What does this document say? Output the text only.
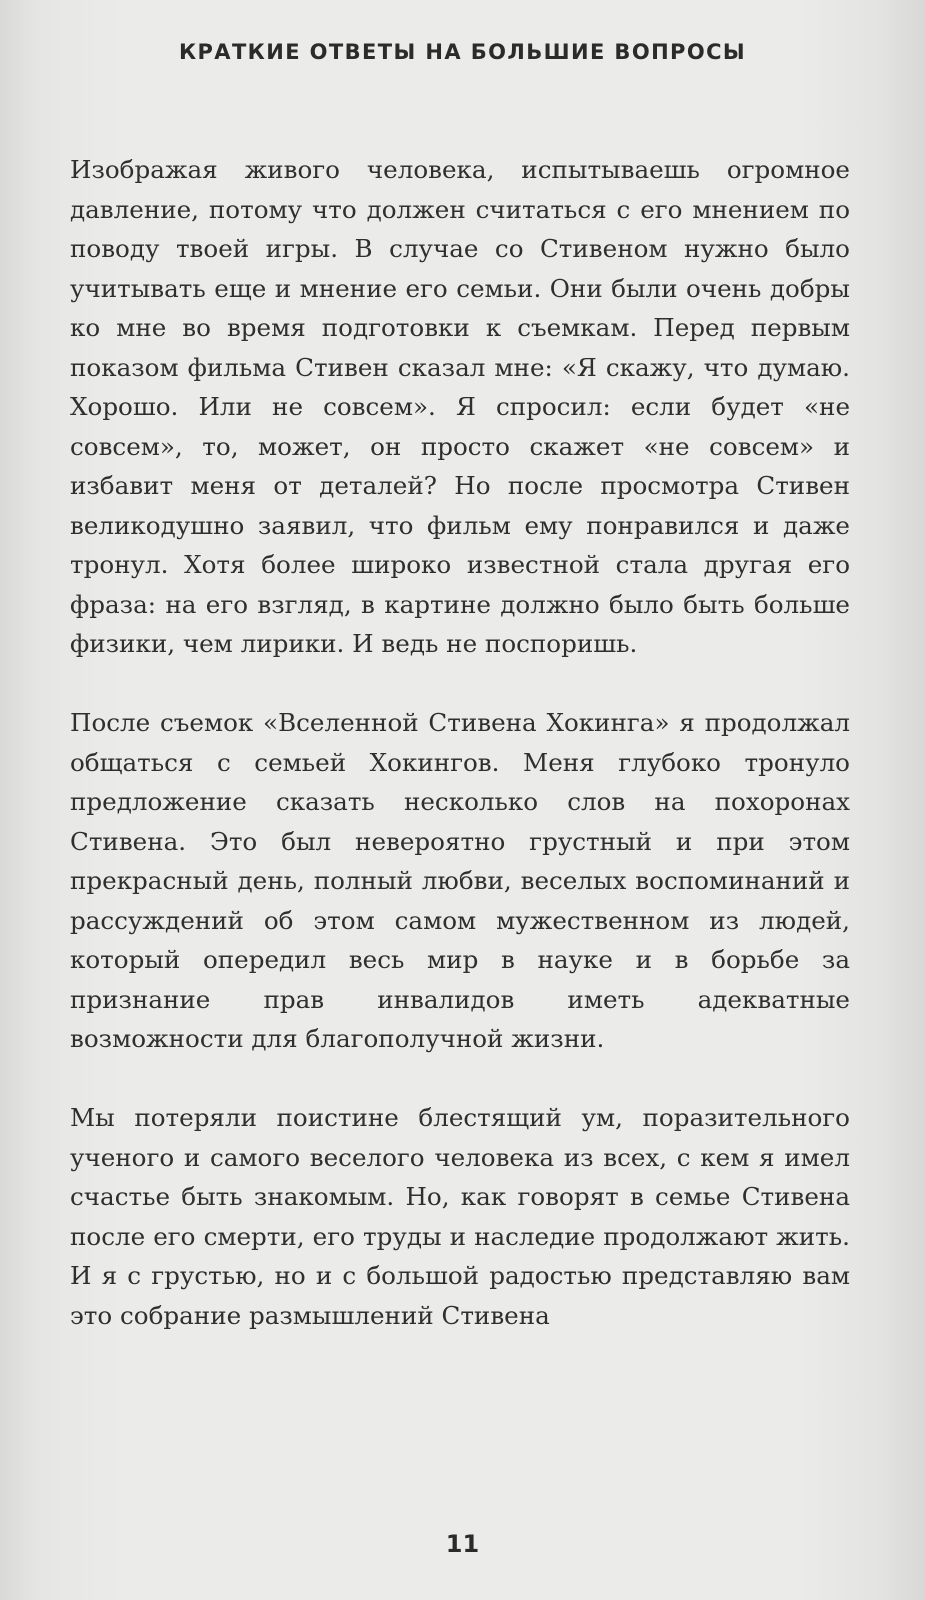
КРАТКИЕ ОТВЕТЫ НА БОЛЬШИЕ ВОПРОСЫ

Изображая живого человека, испытываешь огромное давление, потому что должен считаться с его мнением по поводу твоей игры. В случае со Стивеном нужно было учитывать еще и мнение его семьи. Они были очень добры ко мне во время подготовки к съемкам. Перед первым показом фильма Стивен сказал мне: «Я скажу, что думаю. Хорошо. Или не совсем». Я спросил: если будет «не совсем», то, может, он просто скажет «не совсем» и избавит меня от деталей? Но после просмотра Стивен великодушно заявил, что фильм ему понравился и даже тронул. Хотя более широко известной стала другая его фраза: на его взгляд, в картине должно было быть больше физики, чем лирики. И ведь не поспоришь.

После съемок «Вселенной Стивена Хокинга» я продолжал общаться с семьей Хокингов. Меня глубоко тронуло предложение сказать несколько слов на похоронах Стивена. Это был невероятно грустный и при этом прекрасный день, полный любви, веселых воспоминаний и рассуждений об этом самом мужественном из людей, который опередил весь мир в науке и в борьбе за признание прав инвалидов иметь адекватные возможности для благополучной жизни.

Мы потеряли поистине блестящий ум, поразительного ученого и самого веселого человека из всех, с кем я имел счастье быть знакомым. Но, как говорят в семье Стивена после его смерти, его труды и наследие продолжают жить. И я с грустью, но и с большой радостью представляю вам это собрание размышлений Стивена

11
